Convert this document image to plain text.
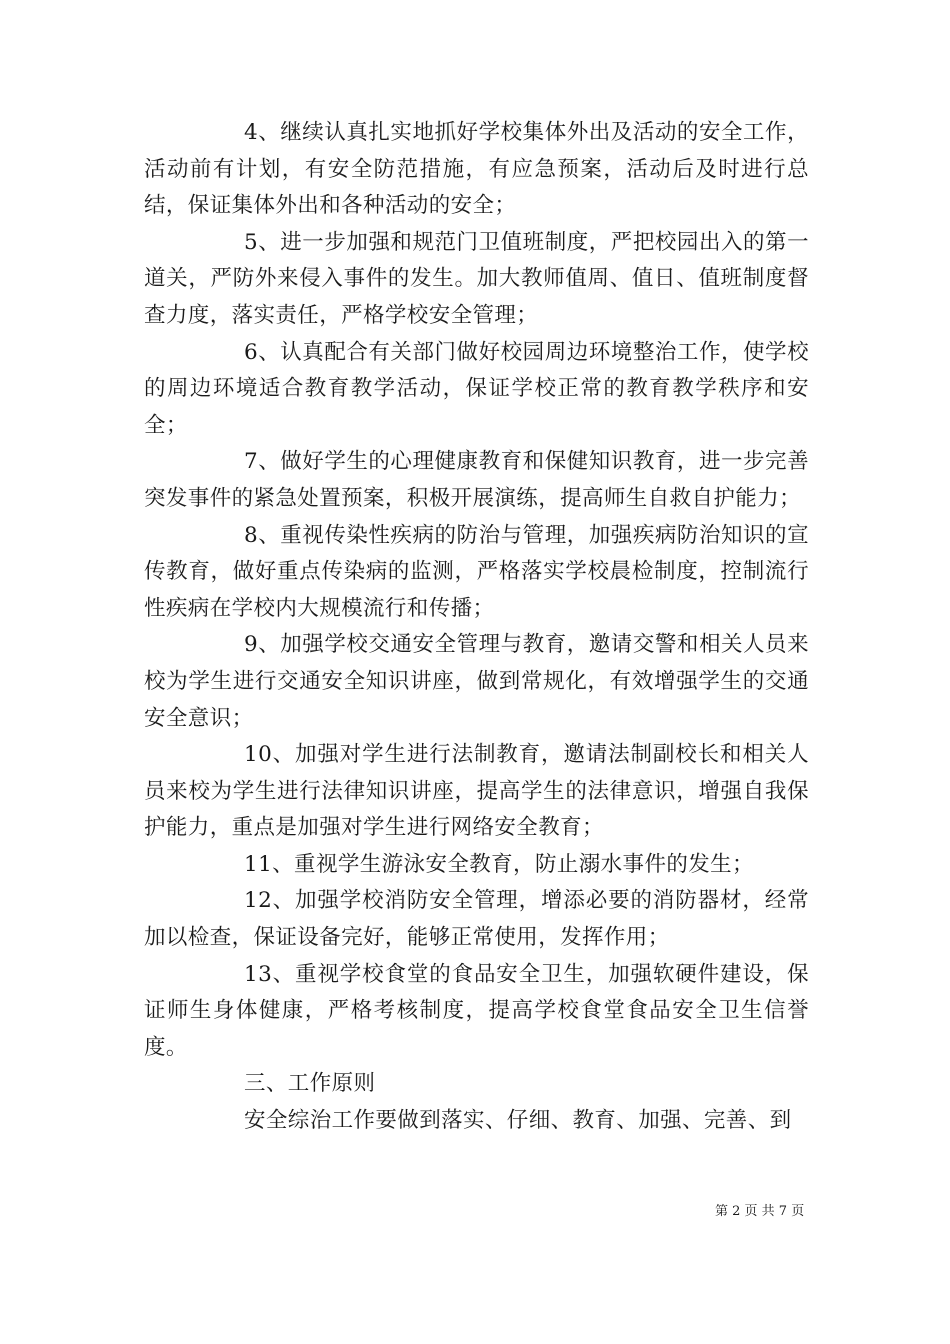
4、继续认真扎实地抓好学校集体外出及活动的安全工作，活动前有计划，有安全防范措施，有应急预案，活动后及时进行总结，保证集体外出和各种活动的安全；

5、进一步加强和规范门卫值班制度，严把校园出入的第一道关，严防外来侵入事件的发生。加大教师值周、值日、值班制度督查力度，落实责任，严格学校安全管理；

6、认真配合有关部门做好校园周边环境整治工作，使学校的周边环境适合教育教学活动，保证学校正常的教育教学秩序和安全；

7、做好学生的心理健康教育和保健知识教育，进一步完善突发事件的紧急处置预案，积极开展演练，提高师生自救自护能力；

8、重视传染性疾病的防治与管理，加强疾病防治知识的宣传教育，做好重点传染病的监测，严格落实学校晨检制度，控制流行性疾病在学校内大规模流行和传播；

9、加强学校交通安全管理与教育，邀请交警和相关人员来校为学生进行交通安全知识讲座，做到常规化，有效增强学生的交通安全意识；

10、加强对学生进行法制教育，邀请法制副校长和相关人员来校为学生进行法律知识讲座，提高学生的法律意识，增强自我保护能力，重点是加强对学生进行网络安全教育；

11、重视学生游泳安全教育，防止溺水事件的发生；

12、加强学校消防安全管理，增添必要的消防器材，经常加以检查，保证设备完好，能够正常使用，发挥作用；

13、重视学校食堂的食品安全卫生，加强软硬件建设，保证师生身体健康，严格考核制度，提高学校食堂食品安全卫生信誉度。

三、工作原则

安全综治工作要做到落实、仔细、教育、加强、完善、到

第 2 页 共 7 页
